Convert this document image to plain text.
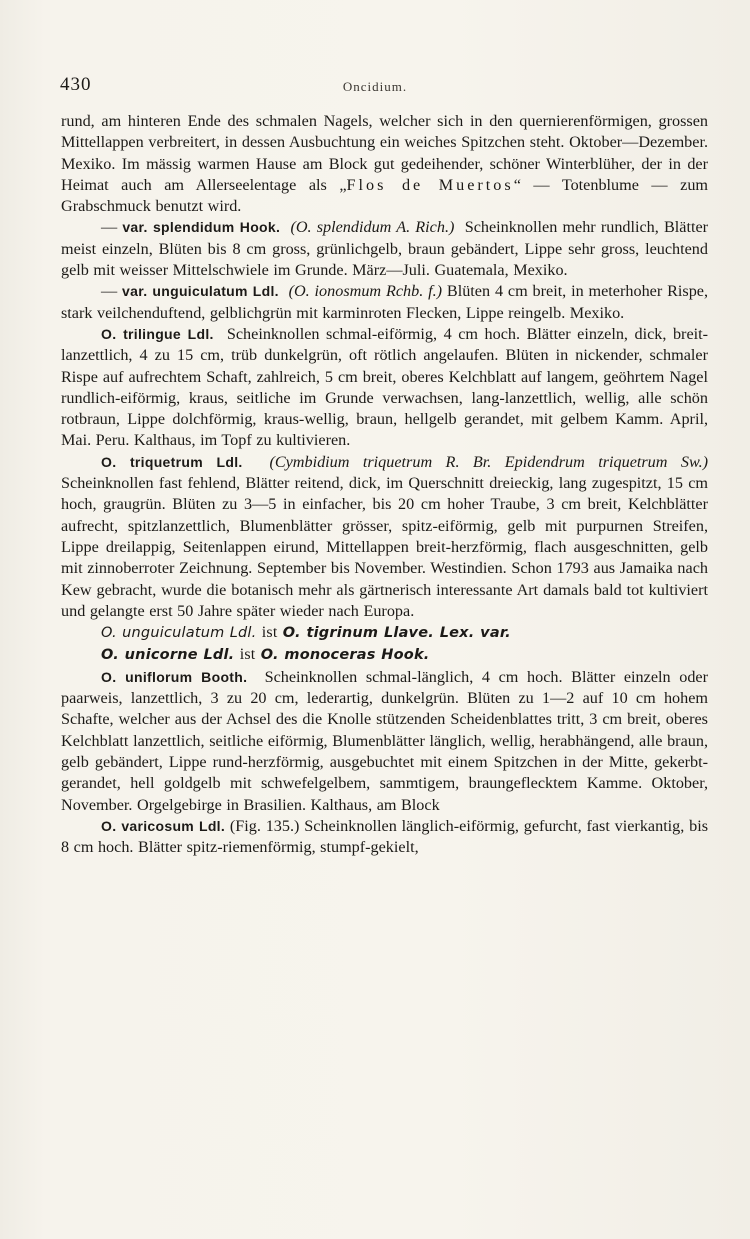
430	Oncidium.

rund, am hinteren Ende des schmalen Nagels, welcher sich in den quernierenförmigen, grossen Mittellappen verbreitert, in dessen Ausbuchtung ein weiches Spitzchen steht. Oktober—Dezember. Mexiko. Im mässig warmen Hause am Block gut gedeihender, schöner Winterblüher, der in der Heimat auch am Allerseelentage als „Flos de Muertos“ — Totenblume — zum Grabschmuck benutzt wird.

— var. splendidum Hook. (O. splendidum A. Rich.) Scheinknollen mehr rundlich, Blätter meist einzeln, Blüten bis 8 cm gross, grünlichgelb, braun gebändert, Lippe sehr gross, leuchtend gelb mit weisser Mittelschwiele im Grunde. März—Juli. Guatemala, Mexiko.

— var. unguiculatum Ldl. (O. ionosmum Rchb. f.) Blüten 4 cm breit, in meterhoher Rispe, stark veilchenduftend, gelblichgrün mit karminroten Flecken, Lippe reingelb. Mexiko.

O. trilingue Ldl. Scheinknollen schmal-eiförmig, 4 cm hoch. Blätter einzeln, dick, breit-lanzettlich, 4 zu 15 cm, trüb dunkelgrün, oft rötlich angelaufen. Blüten in nickender, schmaler Rispe auf aufrechtem Schaft, zahlreich, 5 cm breit, oberes Kelchblatt auf langem, geöhrtem Nagel rundlich-eiförmig, kraus, seitliche im Grunde verwachsen, lang-lanzettlich, wellig, alle schön rotbraun, Lippe dolchförmig, kraus-wellig, braun, hellgelb gerandet, mit gelbem Kamm. April, Mai. Peru. Kalthaus, im Topf zu kultivieren.

O. triquetrum Ldl. (Cymbidium triquetrum R. Br. Epidendrum triquetrum Sw.) Scheinknollen fast fehlend, Blätter reitend, dick, im Querschnitt dreieckig, lang zugespitzt, 15 cm hoch, graugrün. Blüten zu 3—5 in einfacher, bis 20 cm hoher Traube, 3 cm breit, Kelchblätter aufrecht, spitzlanzettlich, Blumenblätter grösser, spitz-eiförmig, gelb mit purpurnen Streifen, Lippe dreilappig, Seitenlappen eirund, Mittellappen breit-herzförmig, flach ausgeschnitten, gelb mit zinnoberroter Zeichnung. September bis November. Westindien. Schon 1793 aus Jamaika nach Kew gebracht, wurde die botanisch mehr als gärtnerisch interessante Art damals bald tot kultiviert und gelangte erst 50 Jahre später wieder nach Europa.

O. unguiculatum Ldl. ist O. tigrinum Llave. Lex. var.

O. unicorne Ldl. ist O. monoceras Hook.

O. uniflorum Booth. Scheinknollen schmal-länglich, 4 cm hoch. Blätter einzeln oder paarweis, lanzettlich, 3 zu 20 cm, lederartig, dunkelgrün. Blüten zu 1—2 auf 10 cm hohem Schafte, welcher aus der Achsel des die Knolle stützenden Scheidenblattes tritt, 3 cm breit, oberes Kelchblatt lanzettlich, seitliche eiförmig, Blumenblätter länglich, wellig, herabhängend, alle braun, gelb gebändert, Lippe rund-herzförmig, ausgebuchtet mit einem Spitzchen in der Mitte, gekerbt-gerandet, hell goldgelb mit schwefelgelbem, sammtigem, braungeflecktem Kamme. Oktober, November. Orgelgebirge in Brasilien. Kalthaus, am Block

O. varicosum Ldl. (Fig. 135.) Scheinknollen länglich-eiförmig, gefurcht, fast vierkantig, bis 8 cm hoch. Blätter spitz-riemenförmig, stumpf-gekielt,
